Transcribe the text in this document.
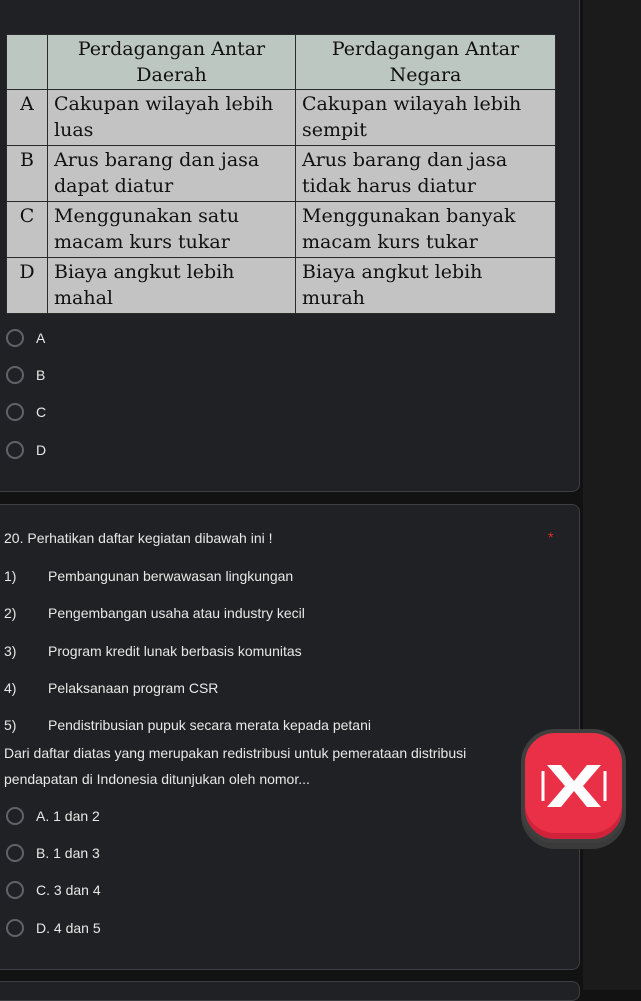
	Perdagangan Antar Daerah	Perdagangan Antar Negara
A	Cakupan wilayah lebih luas	Cakupan wilayah lebih sempit
B	Arus barang dan jasa dapat diatur	Arus barang dan jasa tidak harus diatur
C	Menggunakan satu macam kurs tukar	Menggunakan banyak macam kurs tukar
D	Biaya angkut lebih mahal	Biaya angkut lebih murah
A
B
C
D
20. Perhatikan daftar kegiatan dibawah ini !	*
1) Pembangunan berwawasan lingkungan
2) Pengembangan usaha atau industry kecil
3) Program kredit lunak berbasis komunitas
4) Pelaksanaan program CSR
5) Pendistribusian pupuk secara merata kepada petani
Dari daftar diatas yang merupakan redistribusi untuk pemerataan distribusi pendapatan di Indonesia ditunjukan oleh nomor...
A. 1 dan 2
B. 1 dan 3
C. 3 dan 4
D. 4 dan 5
